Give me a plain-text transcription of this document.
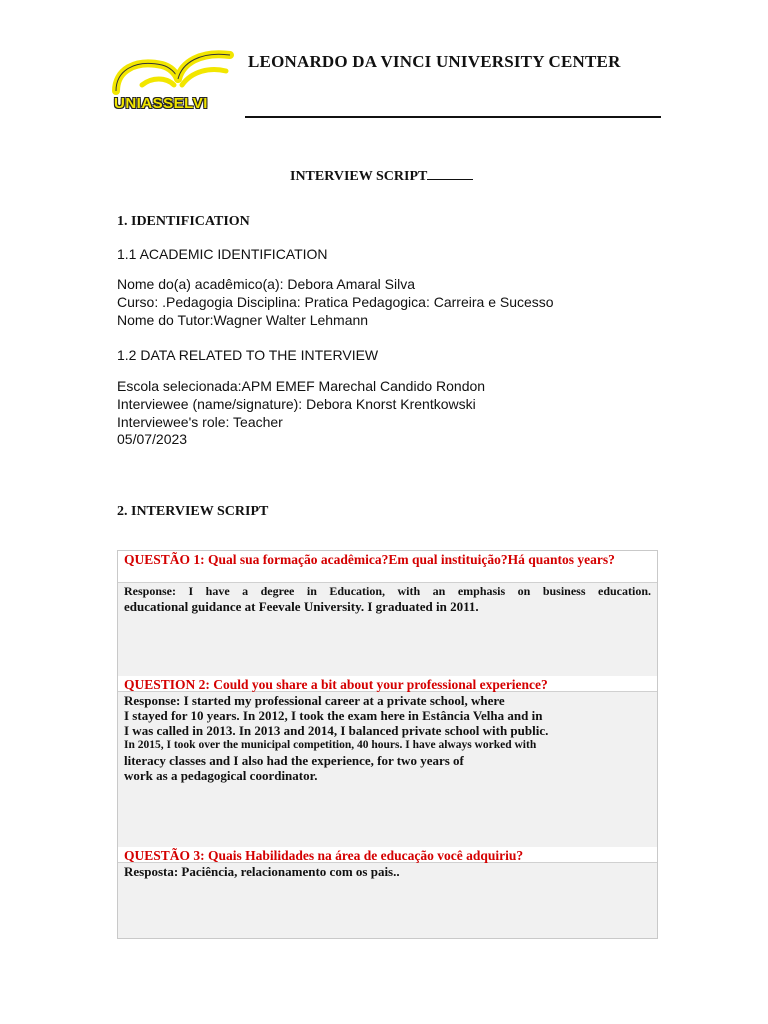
UNIASSELVI
LEONARDO DA VINCI UNIVERSITY CENTER
INTERVIEW SCRIPT
1. IDENTIFICATION
1.1 ACADEMIC IDENTIFICATION
Nome do(a) acadêmico(a): Debora Amaral Silva
Curso: .Pedagogia Disciplina: Pratica Pedagogica: Carreira e Sucesso
Nome do Tutor:Wagner Walter Lehmann
1.2 DATA RELATED TO THE INTERVIEW
Escola selecionada:APM EMEF Marechal Candido Rondon
Interviewee (name/signature): Debora Knorst Krentkowski
Interviewee's role: Teacher
05/07/2023
2. INTERVIEW SCRIPT
QUESTÃO 1: Qual sua formação acadêmica?Em qual instituição?Há quantos years?
Response: I have a degree in Education, with an emphasis on business education.
educational guidance at Feevale University. I graduated in 2011.
QUESTION 2: Could you share a bit about your professional experience?
Response: I started my professional career at a private school, where
I stayed for 10 years. In 2012, I took the exam here in Estância Velha and in
I was called in 2013. In 2013 and 2014, I balanced private school with public.
In 2015, I took over the municipal competition, 40 hours. I have always worked with
literacy classes and I also had the experience, for two years of
work as a pedagogical coordinator.
QUESTÃO 3: Quais Habilidades na área de educação você adquiriu?
Resposta: Paciência, relacionamento com os pais..
